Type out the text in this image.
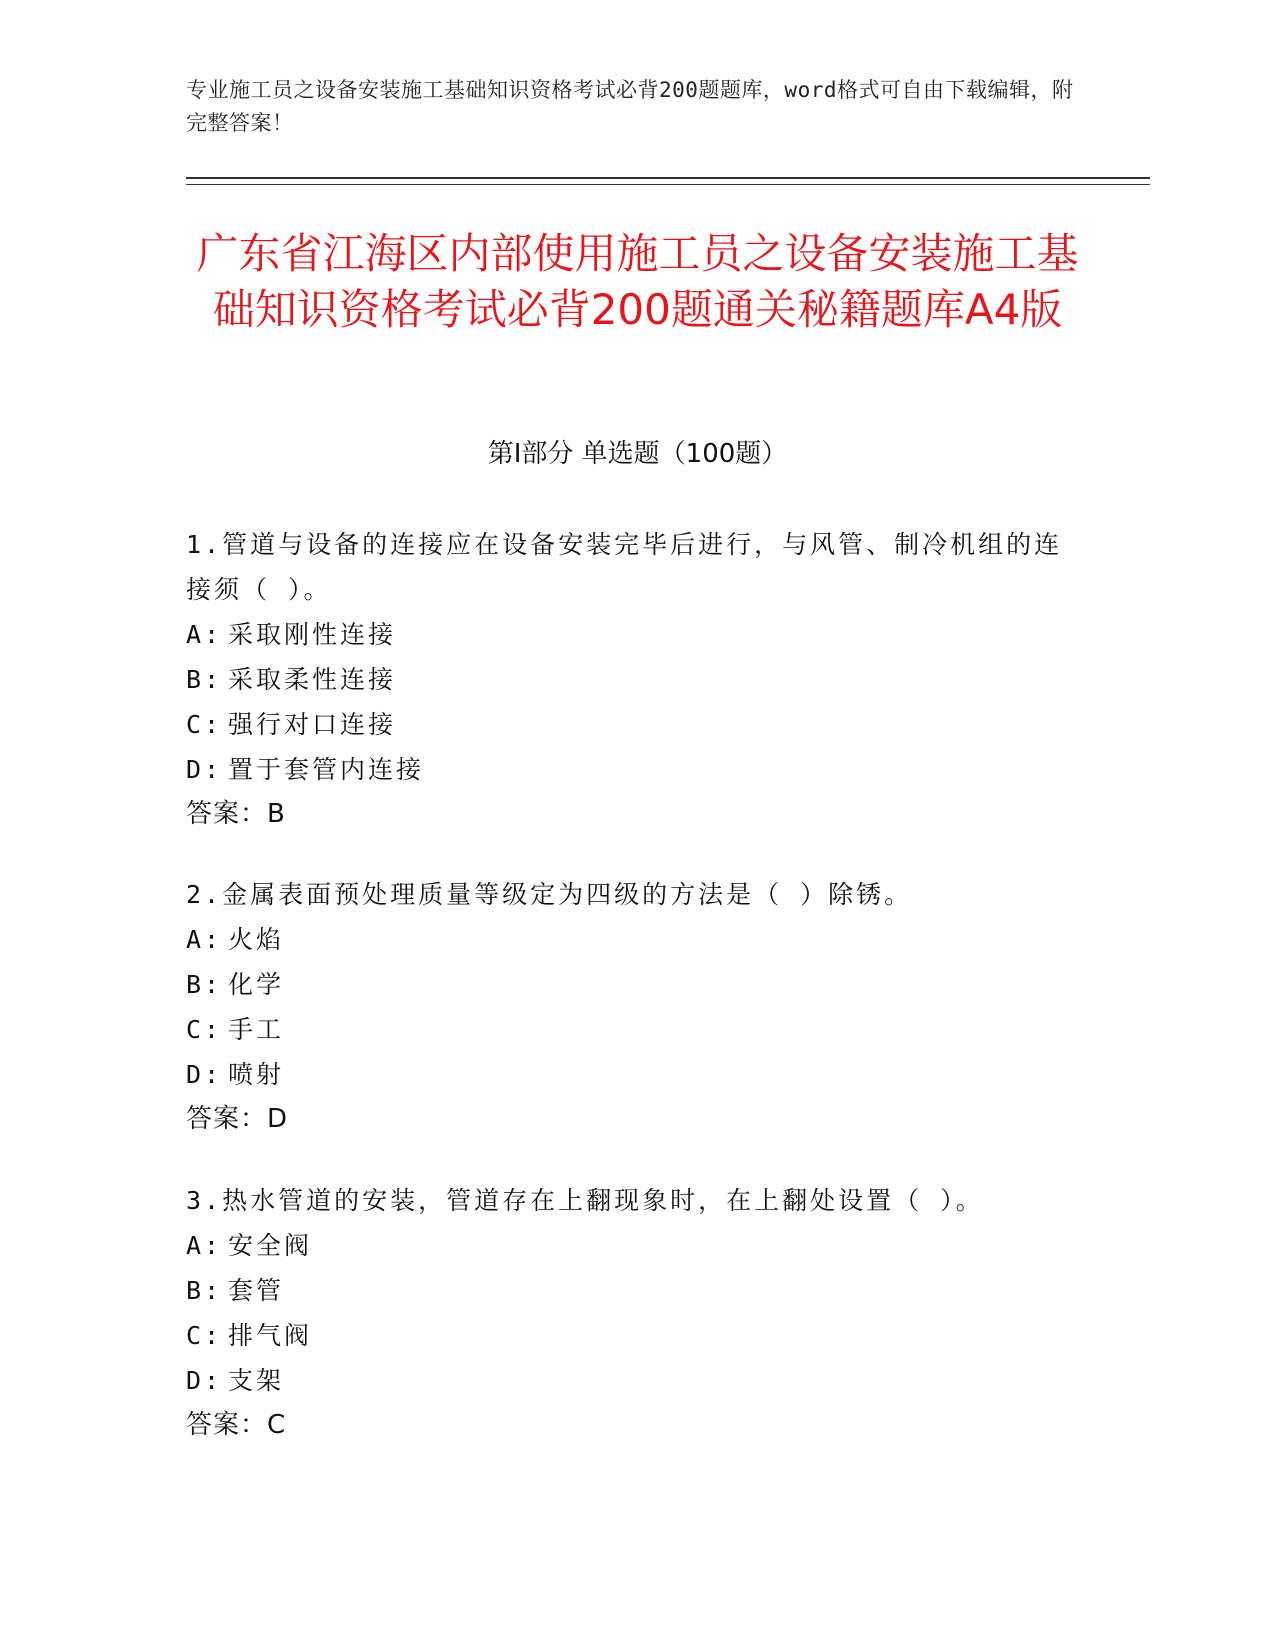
专业施工员之设备安装施工基础知识资格考试必背200题题库，word格式可自由下载编辑，附完整答案！
广东省江海区内部使用施工员之设备安装施工基础知识资格考试必背200题通关秘籍题库A4版
第I部分 单选题（100题）
1.管道与设备的连接应在设备安装完毕后进行，与风管、制冷机组的连接须（ ）。
A: 采取刚性连接
B: 采取柔性连接
C: 强行对口连接
D: 置于套管内连接
答案：B
2.金属表面预处理质量等级定为四级的方法是（ ）除锈。
A: 火焰
B: 化学
C: 手工
D: 喷射
答案：D
3.热水管道的安装，管道存在上翻现象时，在上翻处设置（ ）。
A: 安全阀
B: 套管
C: 排气阀
D: 支架
答案：C
